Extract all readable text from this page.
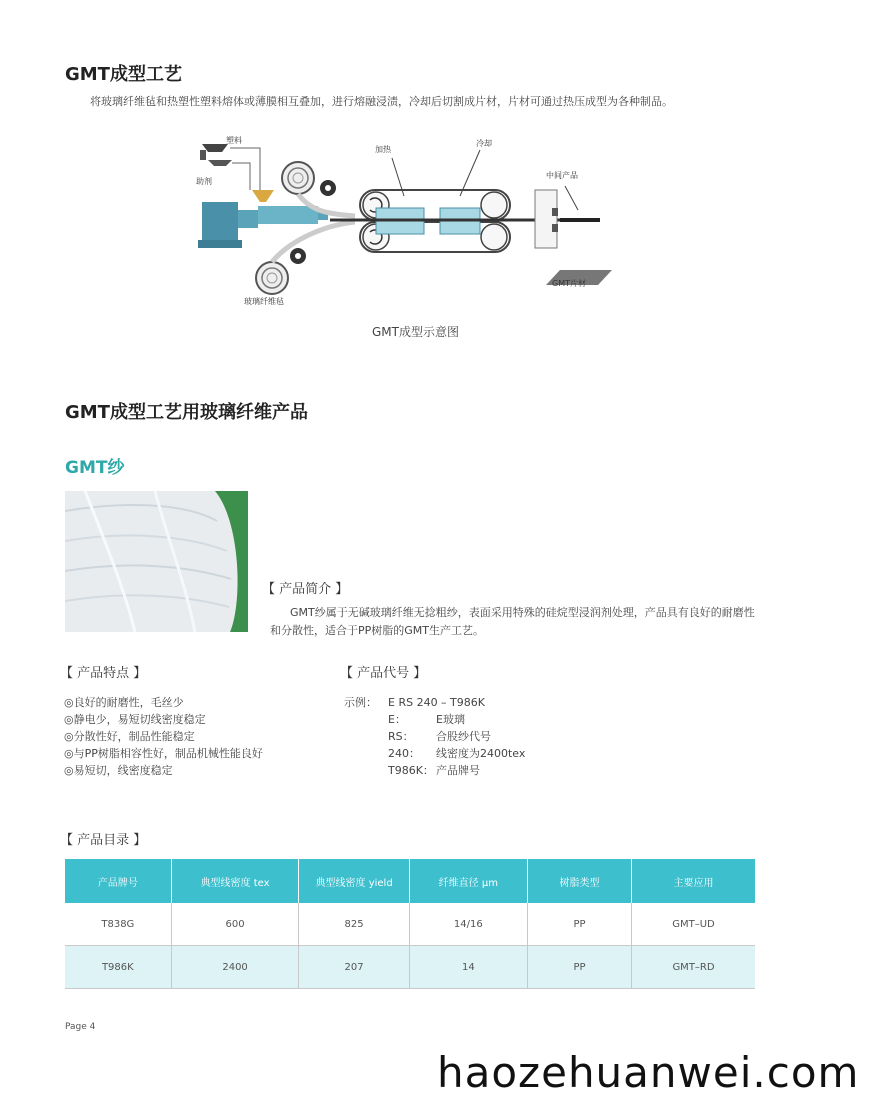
GMT成型工艺
将玻璃纤维毡和热塑性塑料熔体或薄膜相互叠加，进行熔融浸渍，冷却后切割成片材，片材可通过热压成型为各种制品。
塑料
助剂
加热
冷却
中间产品
玻璃纤维毡
GMT片材
GMT成型示意图
GMT成型工艺用玻璃纤维产品
GMT纱
【 产品简介 】
GMT纱属于无碱玻璃纤维无捻粗纱，表面采用特殊的硅烷型浸润剂处理，产品具有良好的耐磨性和分散性，适合于PP树脂的GMT生产工艺。
【 产品特点 】
◎良好的耐磨性，毛丝少
◎静电少，易短切线密度稳定
◎分散性好，制品性能稳定
◎与PP树脂相容性好，制品机械性能良好
◎易短切，线密度稳定
【 产品代号 】
示例： E RS 240 – T986K
E：	E玻璃
RS： 合股纱代号
240： 线密度为2400tex
T986K： 产品牌号
【 产品目录 】
产品牌号	典型线密度 tex	典型线密度 yield	纤维直径 μm	树脂类型	主要应用
T838G	600	825	14/16	PP	GMT–UD
T986K	2400	207	14	PP	GMT–RD
Page 4
haozehuanwei.com
